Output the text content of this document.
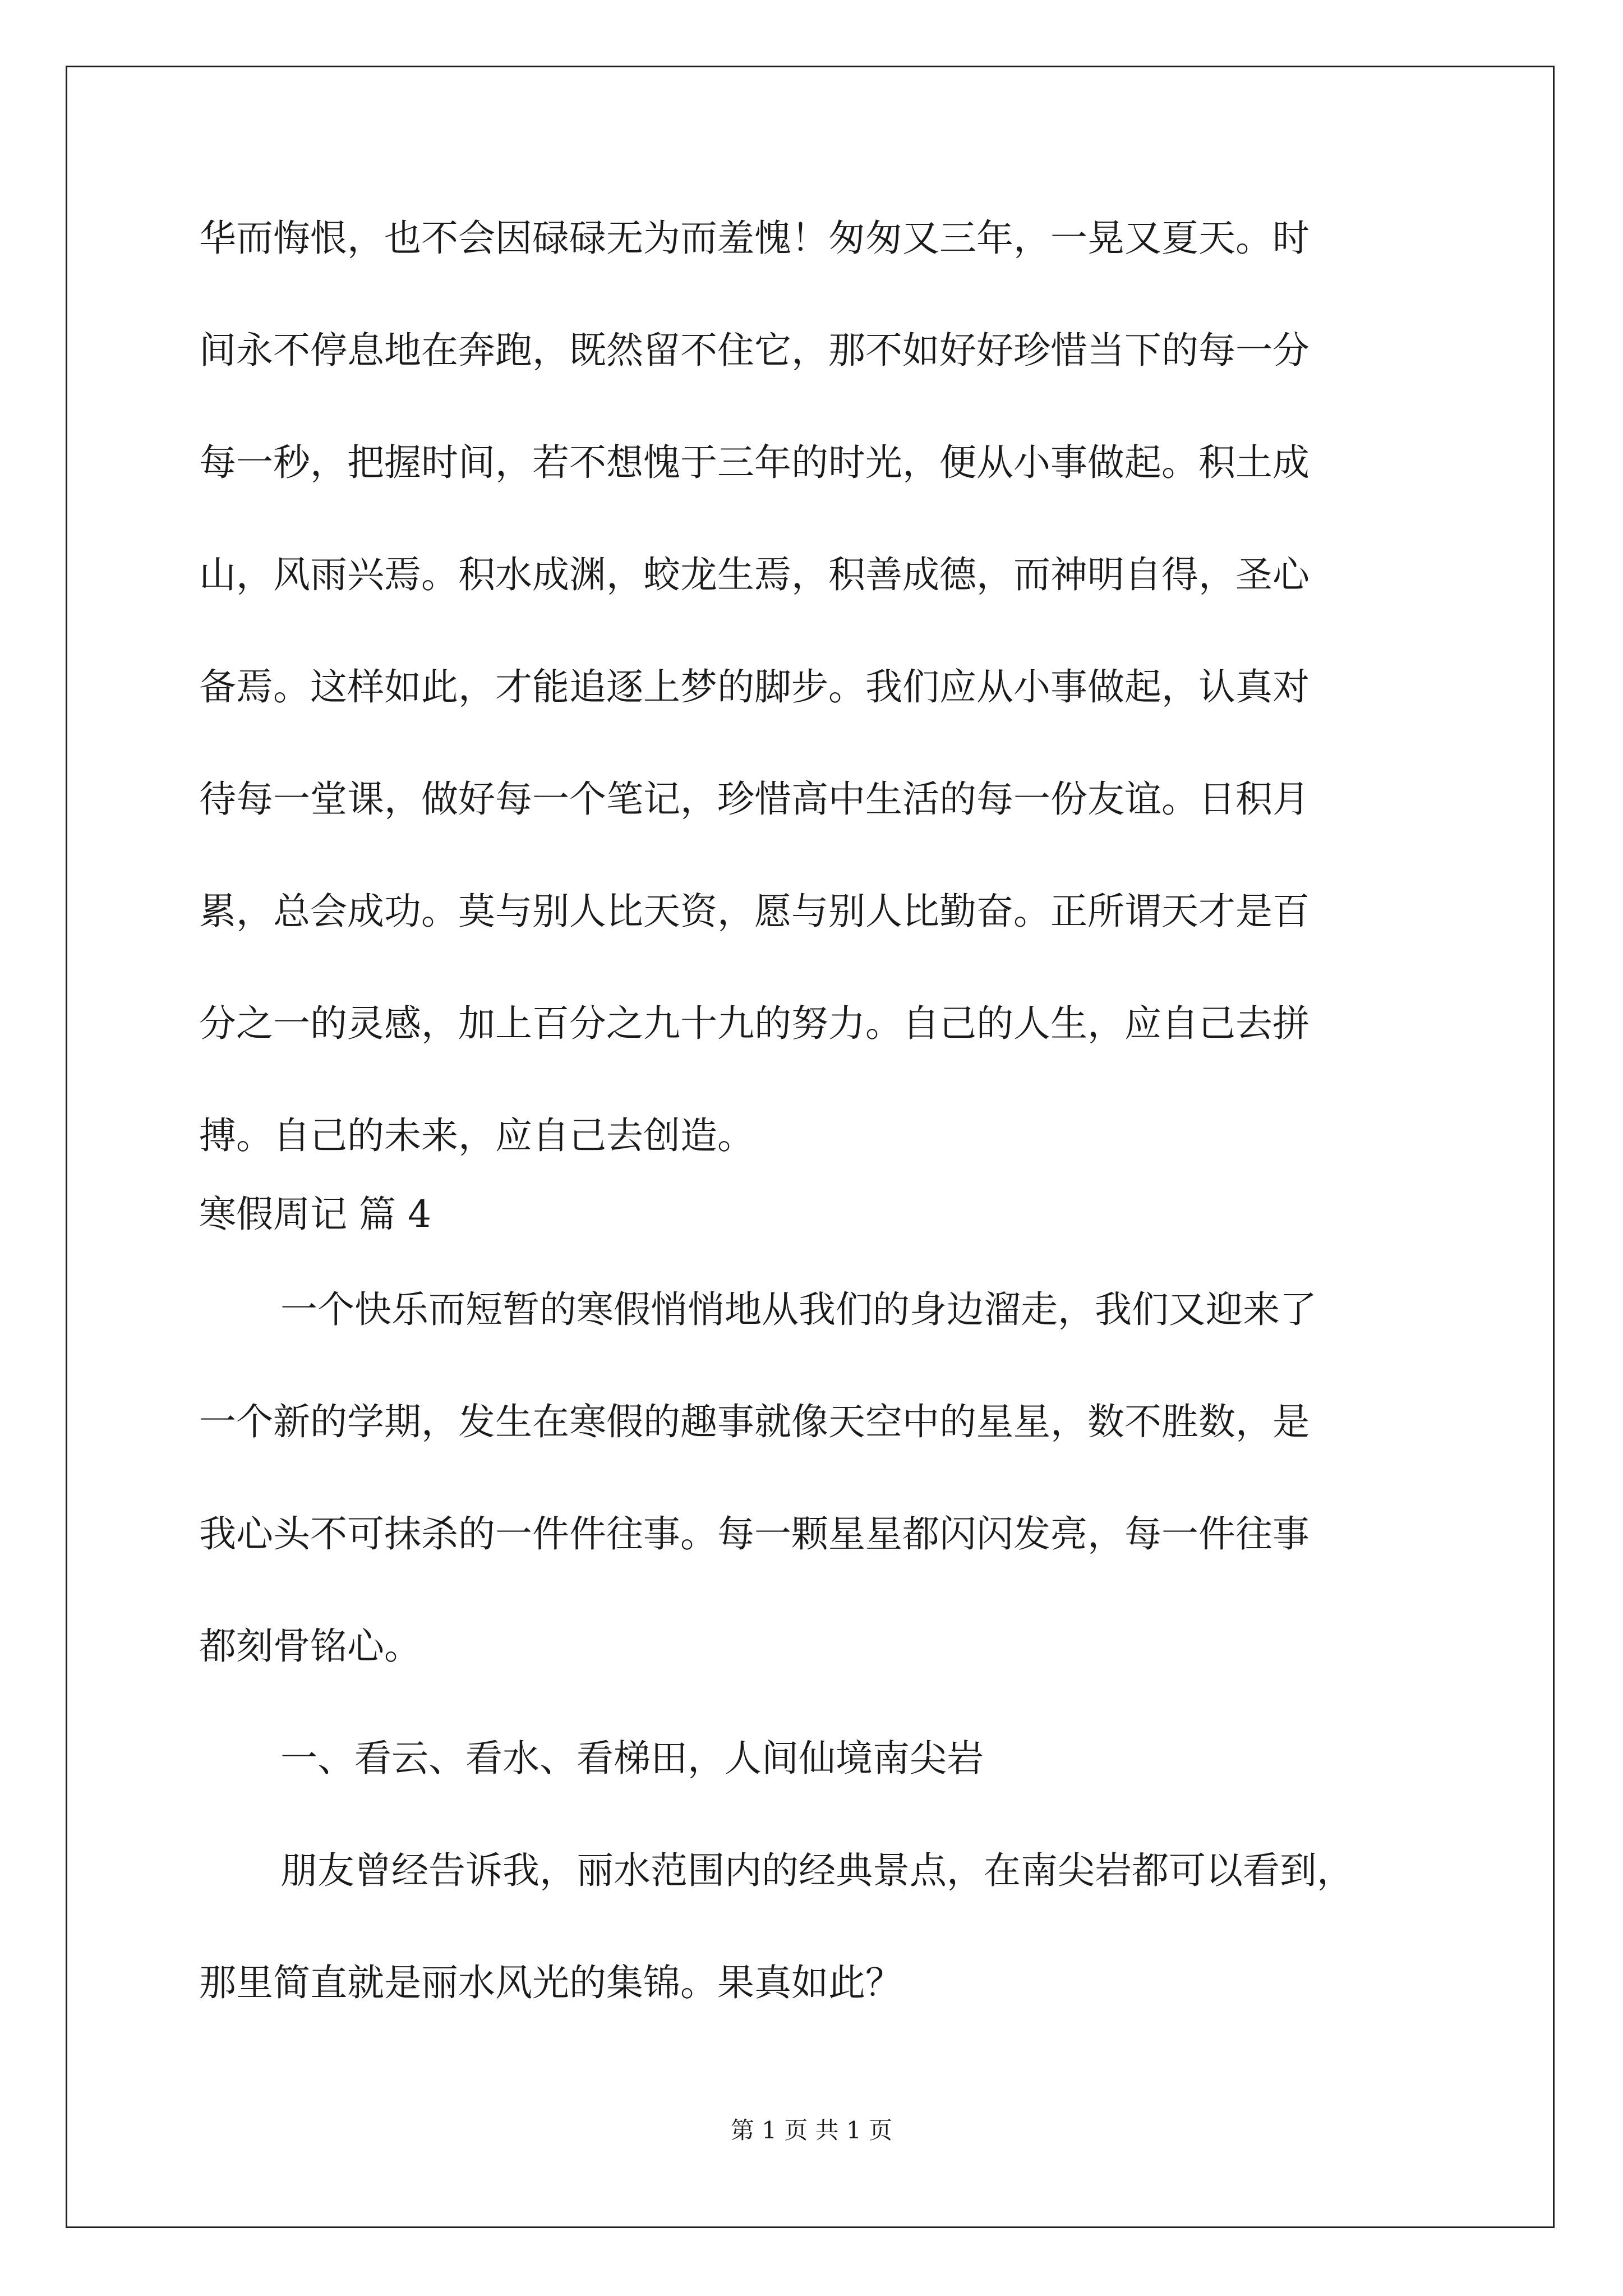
华而悔恨，也不会因碌碌无为而羞愧！匆匆又三年，一晃又夏天。时
间永不停息地在奔跑，既然留不住它，那不如好好珍惜当下的每一分
每一秒，把握时间，若不想愧于三年的时光，便从小事做起。积土成
山，风雨兴焉。积水成渊，蛟龙生焉，积善成德，而神明自得，圣心
备焉。这样如此，才能追逐上梦的脚步。我们应从小事做起，认真对
待每一堂课，做好每一个笔记，珍惜高中生活的每一份友谊。日积月
累，总会成功。莫与别人比天资，愿与别人比勤奋。正所谓天才是百
分之一的灵感，加上百分之九十九的努力。自己的人生，应自己去拼
搏。自己的未来，应自己去创造。
寒假周记 篇 4
一个快乐而短暂的寒假悄悄地从我们的身边溜走，我们又迎来了
一个新的学期，发生在寒假的趣事就像天空中的星星，数不胜数，是
我心头不可抹杀的一件件往事。每一颗星星都闪闪发亮，每一件往事
都刻骨铭心。
一、看云、看水、看梯田，人间仙境南尖岩
朋友曾经告诉我，丽水范围内的经典景点，在南尖岩都可以看到，
那里简直就是丽水风光的集锦。果真如此？
第 1 页 共 1 页
